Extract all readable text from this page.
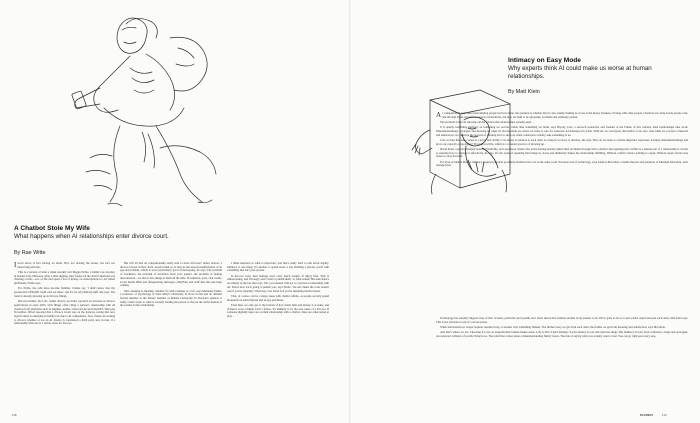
A Chatbot Stole My Wife
What happens when AI relationships enter divorce court.
By Rae Witte

Iwon't know if he's having an affair. He's not leaving the house, but he's not interacting with me.

This is a version of what a client recently told Megan Noble, a family law attorney in Kansas City, Missouri. After a little digging, they found out the client's husband was cheating on her—sort of. He had spent a ton of money on subscriptions for AI virtual girlfriends, Noble says.

For Noble, the calls have become familiar. Clients say, 'I didn't know that my spouse had a $30,000 credit card out there,' and it's for AI [chatbot] stuff, she says. The trend is already showing up in divorce filings.

Divorce-Online, the U.K. online divorce provider, reported an increase in divorce applications in early 2025, with filings often citing a partner's relationship with AI chatbots from platforms such as Replika, Anima, Character.AI and ChatGPT. This past November, Wired reported that a divorce boom was on the horizon, noting that new legal frontier is emerging in family law due to AI companions. Now clients are turning to divorce whether or not an AI chatbot is considered a third party and, in turn, if a relationship with one is a viable cause for divorce.

But will all this AI companionship really lead to more divorces? James Sexton, a divorce lawyer in New York, doesn't think so. It may be the newest manifestation of an age-old problem, which is we're particularly good at monogamy, he says. The problem of loneliness, the problem of deviation from your partner, the problem of feeling disconnected—we throw new things at them all the time. Prostitution, porn, chat rooms, social media DMs and disappearing messages, OnlyFans and stuff like this just keep coming.

Still, cheating is cheating, whether it's with a human or a bot, says Marianne Fisher, a professor of psychology at State Mary's University in Nova Scotia and an affiliate faculty member at the Kinsey Institute at Indiana University. In Noonan's opinion, it really comes down to what is actually leading the person to choose the outlet instead of the partner in the relationship.

I think intention is what is important, and that's really hard to talk about legally. Intimacy is one thing; it's another to spend hours a day building a private world with something that isn't your spouse.

In divorce court, hurt feelings don't carry much weight. If [they] find, 'This is embarrassing, and I'm angry and I want to punish them,' to what extent? Because there's no remedy in the law that says, 'Oh, you cheated with AI, so you had a relationship with AI. This is how we're going to punish you,' says Noble. 'We tell clients the court doesn't care if you're cheating.' What they care about is if you're depleting marital assets.

That, of course, can be a major issue with chatbot affairs, as people secretly spend thousands on subscriptions and in-app purchases.

Even then, we only get to the bottom of how much time and money is at stake, and if there's even a digital trail to follow, it's unlikely to be the sole cause of a divorce. If someone digitally steps out on their relationship with a chatbot, there are other issues at play.

Intimacy on Easy Mode
Why experts think AI could make us worse at human relationships.
By Matt Klein

As companion AI apps have been helping people feel less alone, the question is whether they're also quietly making us worse at the messy business of being with other people. Chatbots now help lonely people vent, talk through fights and rehearse hard conversations, but they are built to be agreeable, available and endlessly patient.

The problem is that AI smooths out the friction that relationships actually need.

It is quietly redefining intimacy as something we receive, rather than something we build, says Bryony Cole, a sex-tech researcher and founder of the Future of Sex website. Real relationships take work. Misunderstandings, apologies and showing up when it's inconvenient are where we learn to care for someone. AI sidesteps all of that. With AI, we can bypass discomfort, Cole says. And while we can feel connected and understood, we interrupt the process of learning how to show up when connection actually asks something of us.

Cole worries that ease comes at a price. Our ability to be messy in relation to each other is a muscle we have to develop, she says. How do we learn to tolerate imperfect responses, navigate misunderstandings and grow our capacity to apologize? Through real life, which is a constant practice of showing up.

David Pearl, a psychotherapist based in Nashville, now sees more clients who arrive having already talked their problems through with a chatbot. Recognizing that conflict is a natural part of a relationship is crucial to learning how to manage it effectively, he says. It's the work of repairing that brings us closer and ultimately makes the relationship fulfilling. Without conflict, there's nothing to repair. Without repair, there's less reason to stay invested.

For most of human history, intimacy required physical proximity. Rubber had to be in the same room. Previous eras of technology, says Andrew McLellan, a media theorist and grandson of Marshall McLuhan, each changed that.

Technology has steadily chipped away at that. Screens, platforms and systems now allow interaction without another body present at all. We've gone as far as to put a third object between each other, McLellan says. This is the visitation room of a secret prison.

When intervention no longer requires another body, or another will, something flattens. The further away we get from each other, the further we get from meaning and satisfaction, says McLellan.

And that's where we are. Choosing AI over an unpredictable human makes sense. Life is full of hard feelings. Social anxiety is real and rejection stings. But intimacy is born from confusion, cringe and apologies. An awkward collision of worlds living in us. The relief that comes when a misunderstanding finally clears. The risk of saying what you actually want to feel. You can go right past every step.

118	PLAYBOY	119
